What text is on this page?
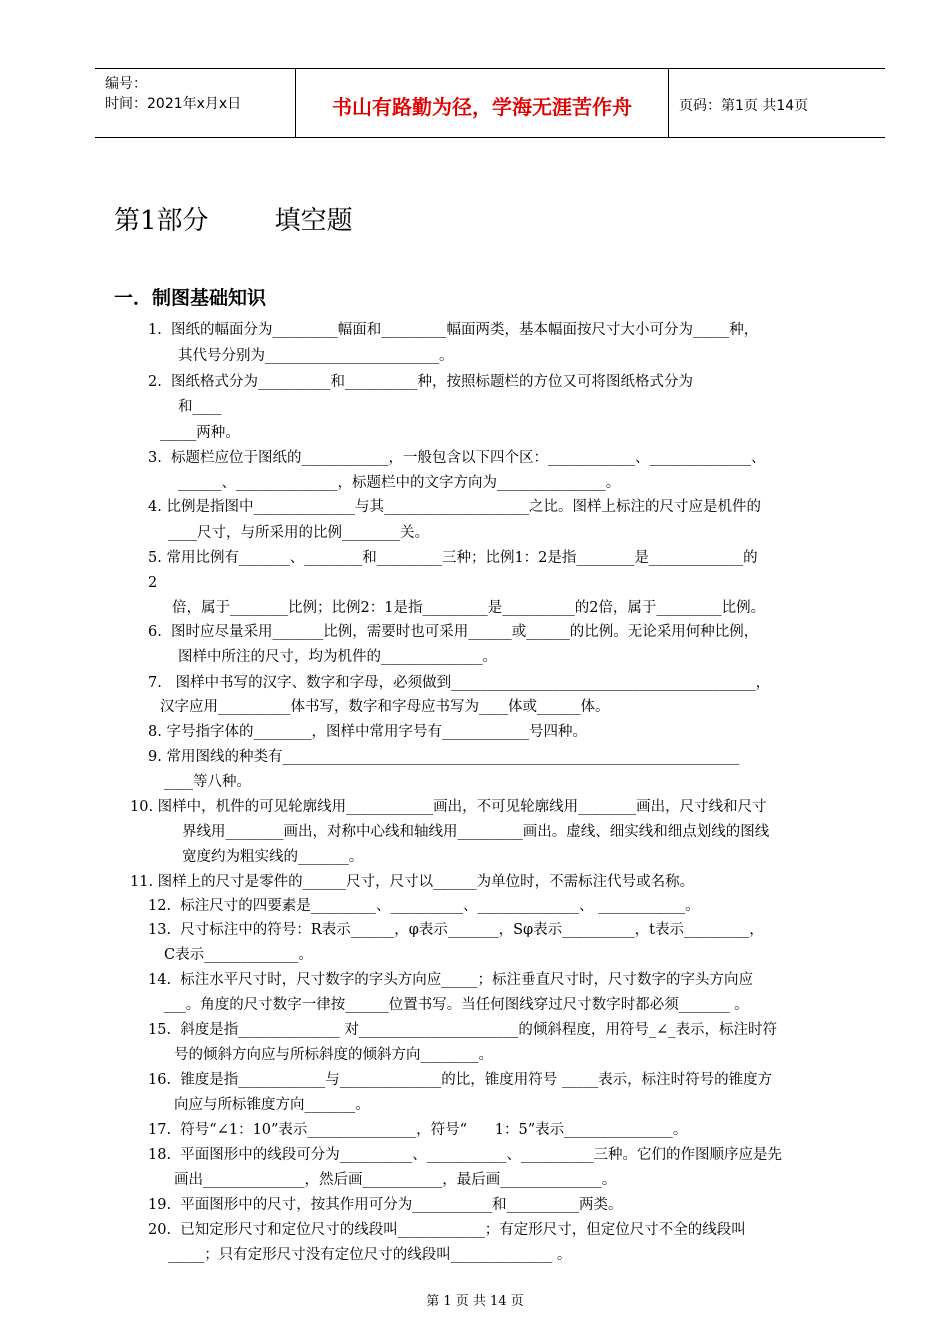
编号：
时间：2021年x月x日	书山有路勤为径，学海无涯苦作舟	页码：第1页 共14页
第1部分        填空题
一．制图基础知识
1.  图纸的幅面分为_________幅面和_________幅面两类，基本幅面按尺寸大小可分为_____种，
其代号分别为________________________。
2.  图纸格式分为__________和__________种，按照标题栏的方位又可将图纸格式分为
和____
_____两种。
3.  标题栏应位于图纸的____________，一般包含以下四个区：____________、______________、
______、______________，标题栏中的文字方向为_______________。
4. 比例是指图中______________与其____________________之比。图样上标注的尺寸应是机件的
____尺寸，与所采用的比例________关。
5. 常用比例有_______、________和_________三种；比例1：2是指________是_____________的
2
倍，属于________比例；比例2：1是指_________是__________的2倍，属于_________比例。
6.  图时应尽量采用_______比例，需要时也可采用______或______的比例。无论采用何种比例，
图样中所注的尺寸，均为机件的______________。
7.   图样中书写的汉字、数字和字母，必须做到__________________________________________，
汉字应用__________体书写，数字和字母应书写为____体或______体。
8. 字号指字体的________，图样中常用字号有____________号四种。
9. 常用图线的种类有_______________________________________________________________
____等八种。
10. 图样中，机件的可见轮廓线用____________画出，不可见轮廓线用________画出，尺寸线和尺寸
界线用________画出，对称中心线和轴线用_________画出。虚线、细实线和细点划线的图线
宽度约为粗实线的_______。
11. 图样上的尺寸是零件的______尺寸，尺寸以______为单位时，不需标注代号或名称。
12.  标注尺寸的四要素是_________、__________、______________、 ____________。
13.  尺寸标注中的符号：R表示______，φ表示_______，Sφ表示__________，t表示_________，
C表示_____________。
14.  标注水平尺寸时，尺寸数字的字头方向应_____；标注垂直尺寸时，尺寸数字的字头方向应
___。角度的尺寸数字一律按______位置书写。当任何图线穿过尺寸数字时都必须_______ 。
15.  斜度是指______________ 对______________________的倾斜程度，用符号_∠_表示，标注时符
号的倾斜方向应与所标斜度的倾斜方向________。
16.  锥度是指____________与______________的比，锥度用符号 _____表示，标注时符号的锥度方
向应与所标锥度方向_______。
17.  符号“∠1：10”表示_______________，符号“      1：5”表示_______________。
18.  平面图形中的线段可分为__________、___________、__________三种。它们的作图顺序应是先
画出______________，然后画___________，最后画______________。
19.  平面图形中的尺寸，按其作用可分为___________和__________两类。
20.  已知定形尺寸和定位尺寸的线段叫____________；有定形尺寸，但定位尺寸不全的线段叫
_____；只有定形尺寸没有定位尺寸的线段叫______________ 。
第 1 页 共 14 页
